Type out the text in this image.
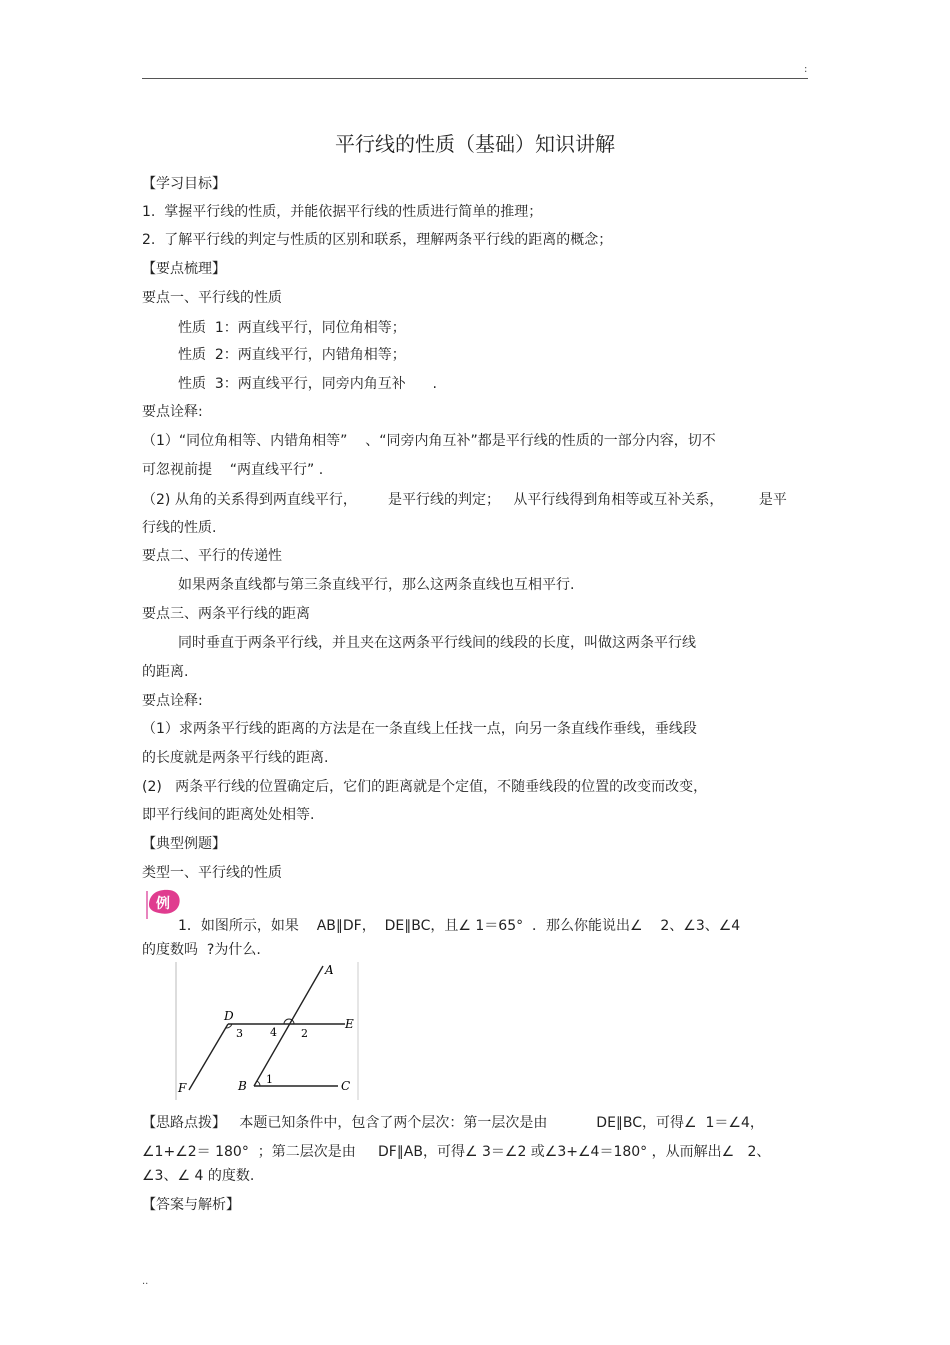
:
平行线的性质（基础）知识讲解
【学习目标】
1.  掌握平行线的性质，并能依据平行线的性质进行简单的推理；
2.  了解平行线的判定与性质的区别和联系，理解两条平行线的距离的概念；
【要点梳理】
要点一、平行线的性质
性质  1：两直线平行，同位角相等；
性质  2：两直线平行，内错角相等；
性质  3：两直线平行，同旁内角互补      .
要点诠释:
（1）“同位角相等、内错角相等”    、“同旁内角互补”都是平行线的性质的一部分内容，切不
可忽视前提    “两直线平行” .
（2) 从角的关系得到两直线平行，       是平行线的判定；   从平行线得到角相等或互补关系，        是平
行线的性质.
要点二、平行的传递性
如果两条直线都与第三条直线平行，那么这两条直线也互相平行.
要点三、两条平行线的距离
同时垂直于两条平行线，并且夹在这两条平行线间的线段的长度，叫做这两条平行线
的距离.
要点诠释:
（1）求两条平行线的距离的方法是在一条直线上任找一点，向另一条直线作垂线，垂线段
的长度就是两条平行线的距离.
(2)   两条平行线的位置确定后，它们的距离就是个定值，不随垂线段的位置的改变而改变，
即平行线间的距离处处相等.
【典型例题】
类型一、平行线的性质
例
1．如图所示，如果    AB∥DF，  DE∥BC，且∠ 1＝65°  ．那么你能说出∠    2、∠3、∠4
的度数吗  ?为什么.
A
D
E
F	B	C
1
2
3 4
【思路点拨】   本题已知条件中，包含了两个层次：第一层次是由           DE∥BC，可得∠  1＝∠4，
∠1+∠2＝ 180°  ；第二层次是由     DF∥AB，可得∠ 3＝∠2 或∠3+∠4＝180° ，从而解出∠   2、
∠3、∠ 4 的度数.
【答案与解析】
..
